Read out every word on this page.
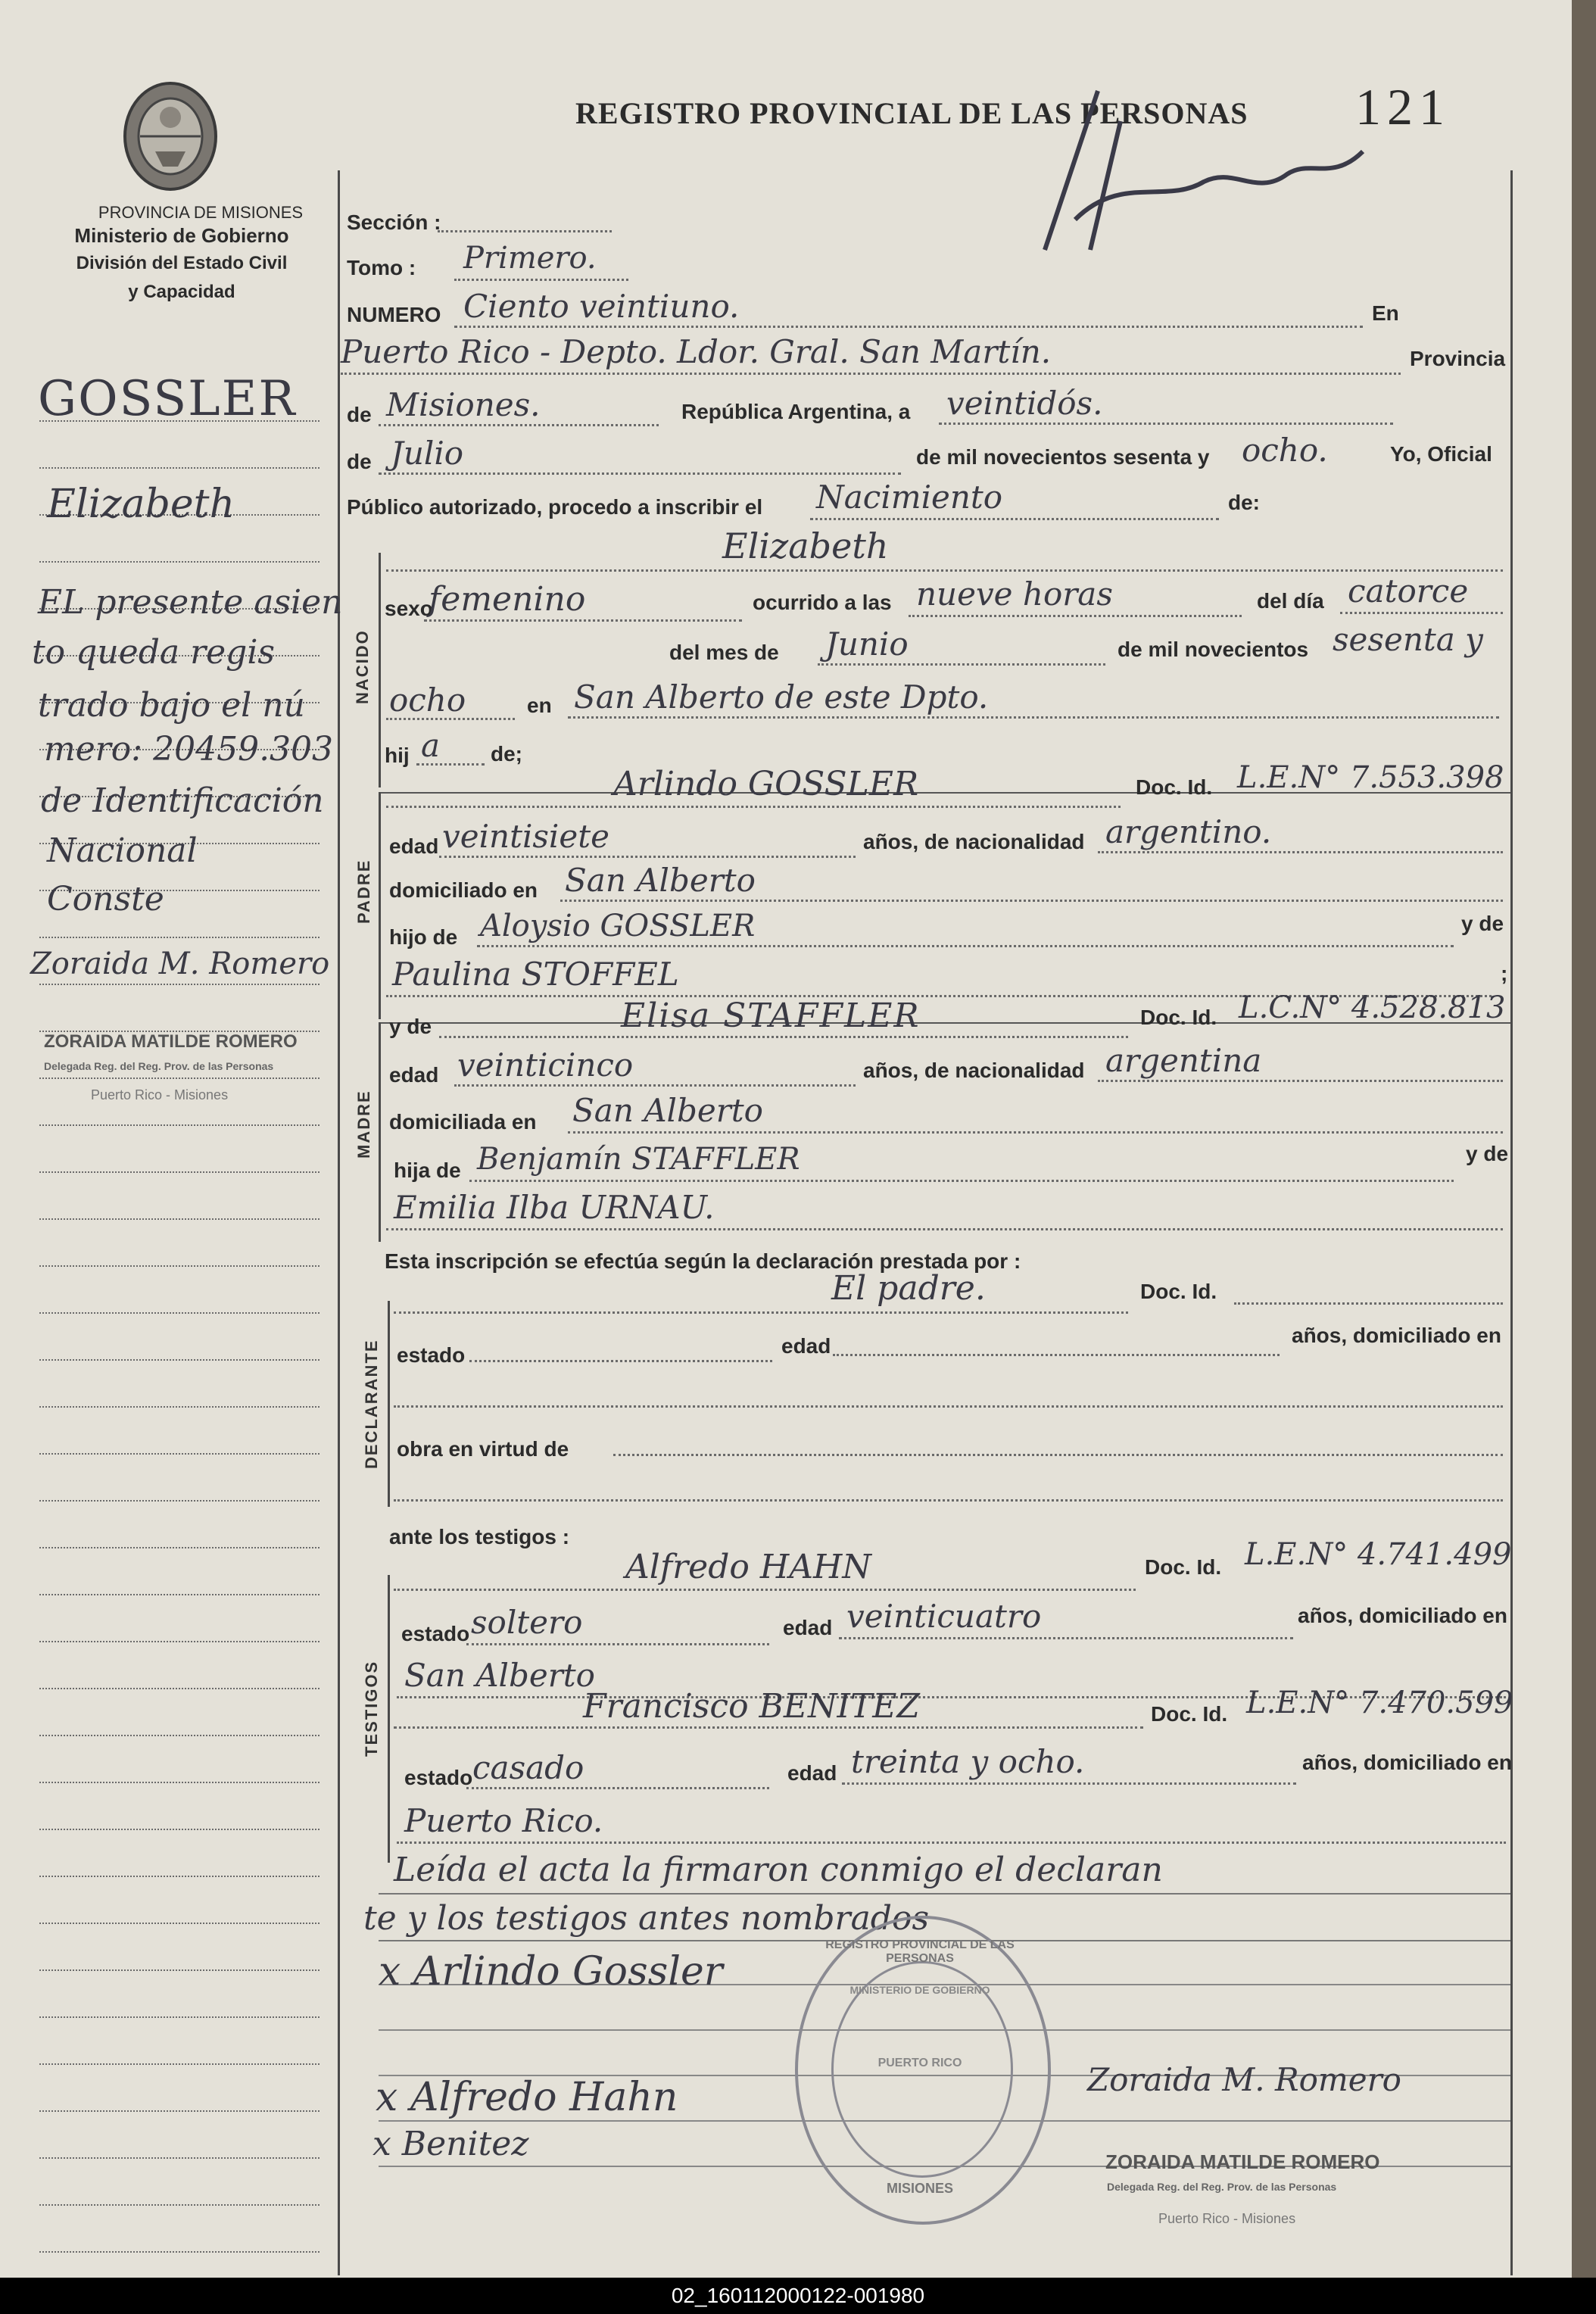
PROVINCIA DE MISIONES
Ministerio de Gobierno
División del Estado Civil
y Capacidad
REGISTRO PROVINCIAL DE LAS PERSONAS 121
GOSSLER
Elizabeth
EL presente asien
to queda regis
trado bajo el nú
mero: 20459.303
de Identificación
Nacional
Conste
Zoraida M. Romero
ZORAIDA MATILDE ROMERO
Delegada Reg. del Reg. Prov. de las Personas
Puerto Rico - Misiones
Sección :
Tomo : Primero.
NUMERO Ciento veintiuno.	En
Puerto Rico - Depto. Ldor. Gral. San Martín.	Provincia
de Misiones.	República Argentina, a veintidós.
de Julio	de mil novecientos sesenta y ocho.	Yo, Oficial
Público autorizado, procedo a inscribir el Nacimiento	de:
NACIDO
Elizabeth
sexo
femenino	ocurrido a las nueve horas	del día catorce
del mes de Junio	de mil novecientos sesenta y
ocho	en San Alberto de este Dpto.
hij a de;
PADRE
Arlindo GOSSLER	Doc. Id. L.E.N° 7.553.398
edad veintisiete	años, de nacionalidad argentino.
domiciliado en San Alberto
hijo de Aloysio GOSSLER	y de
Paulina STOFFEL	;
MADRE
y de	Elisa STAFFLER	Doc. Id. L.C.N° 4.528.813
edad veinticinco	años, de nacionalidad argentina
domiciliada en San Alberto
hija de Benjamín STAFFLER	y de
Emilia Ilba URNAU.
Esta inscripción se efectúa según la declaración prestada por :
DECLARANTE
El padre.	Doc. Id.
estado	edad	años, domiciliado en
obra en virtud de
ante los testigos :
TESTIGOS
Alfredo HAHN	Doc. Id. L.E.N° 4.741.499
estado soltero	edad veinticuatro	años, domiciliado en
San Alberto
Francisco BENITEZ	Doc. Id. L.E.N° 7.470.599
estado casado	edad treinta y ocho.	años, domiciliado en
Puerto Rico.
Leída el acta la firmaron conmigo el declaran
te y los testigos antes nombrados
REGISTRO PROVINCIAL DE LAS PERSONAS
MINISTERIO DE GOBIERNO
PUERTO RICO
MISIONES
x Arlindo Gossler
x Alfredo Hahn
x Benitez
Zoraida M. Romero
ZORAIDA MATILDE ROMERO
Delegada Reg. del Reg. Prov. de las Personas
Puerto Rico - Misiones
02_160112000122-001980
